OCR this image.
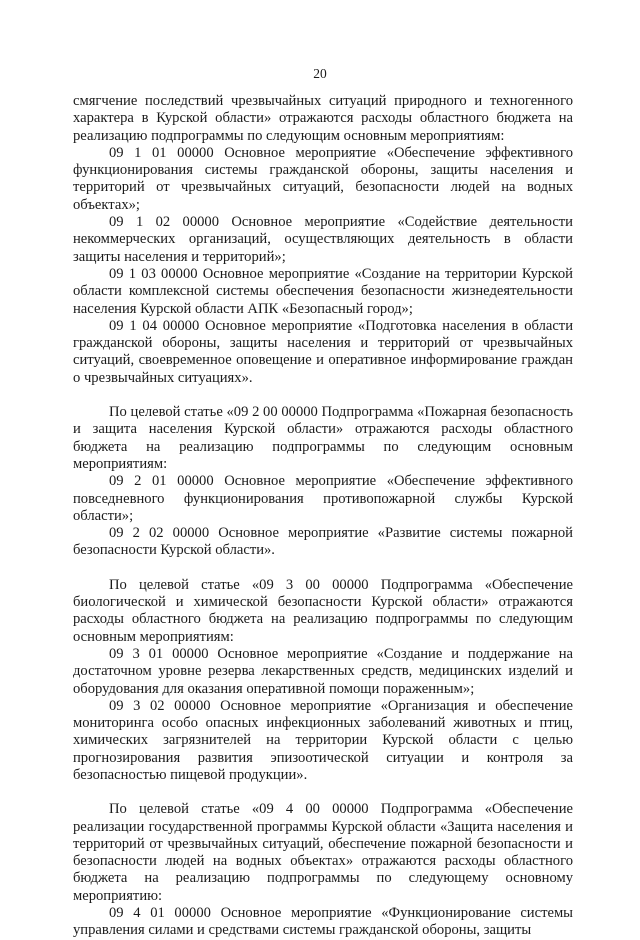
20

смягчение последствий чрезвычайных ситуаций природного и техногенного характера в Курской области» отражаются расходы областного бюджета на реализацию подпрограммы по следующим основным мероприятиям:

09 1 01 00000 Основное мероприятие «Обеспечение эффективного функционирования системы гражданской обороны, защиты населения и территорий от чрезвычайных ситуаций, безопасности людей на водных объектах»;

09 1 02 00000 Основное мероприятие «Содействие деятельности некоммерческих организаций, осуществляющих деятельность в области защиты населения и территорий»;

09 1 03 00000 Основное мероприятие «Создание на территории Курской области комплексной системы обеспечения безопасности жизнедеятельности населения Курской области АПК «Безопасный город»;

09 1 04 00000 Основное мероприятие «Подготовка населения в области гражданской обороны, защиты населения и территорий от чрезвычайных ситуаций, своевременное оповещение и оперативное информирование граждан о чрезвычайных ситуациях».

По целевой статье «09 2 00 00000 Подпрограмма «Пожарная безопасность и защита населения Курской области» отражаются расходы областного бюджета на реализацию подпрограммы по следующим основным мероприятиям:

09 2 01 00000 Основное мероприятие «Обеспечение эффективного повседневного функционирования противопожарной службы Курской области»;

09 2 02 00000 Основное мероприятие «Развитие системы пожарной безопасности Курской области».

По целевой статье «09 3 00 00000 Подпрограмма «Обеспечение биологической и химической безопасности Курской области» отражаются расходы областного бюджета на реализацию подпрограммы по следующим основным мероприятиям:

09 3 01 00000 Основное мероприятие «Создание и поддержание на достаточном уровне резерва лекарственных средств, медицинских изделий и оборудования для оказания оперативной помощи пораженным»;

09 3 02 00000 Основное мероприятие «Организация и обеспечение мониторинга особо опасных инфекционных заболеваний животных и птиц, химических загрязнителей на территории Курской области с целью прогнозирования развития эпизоотической ситуации и контроля за безопасностью пищевой продукции».

По целевой статье «09 4 00 00000 Подпрограмма «Обеспечение реализации государственной программы Курской области «Защита населения и территорий от чрезвычайных ситуаций, обеспечение пожарной безопасности и безопасности людей на водных объектах» отражаются расходы областного бюджета на реализацию подпрограммы по следующему основному мероприятию:

09 4 01 00000 Основное мероприятие «Функционирование системы управления силами и средствами системы гражданской обороны, защиты
